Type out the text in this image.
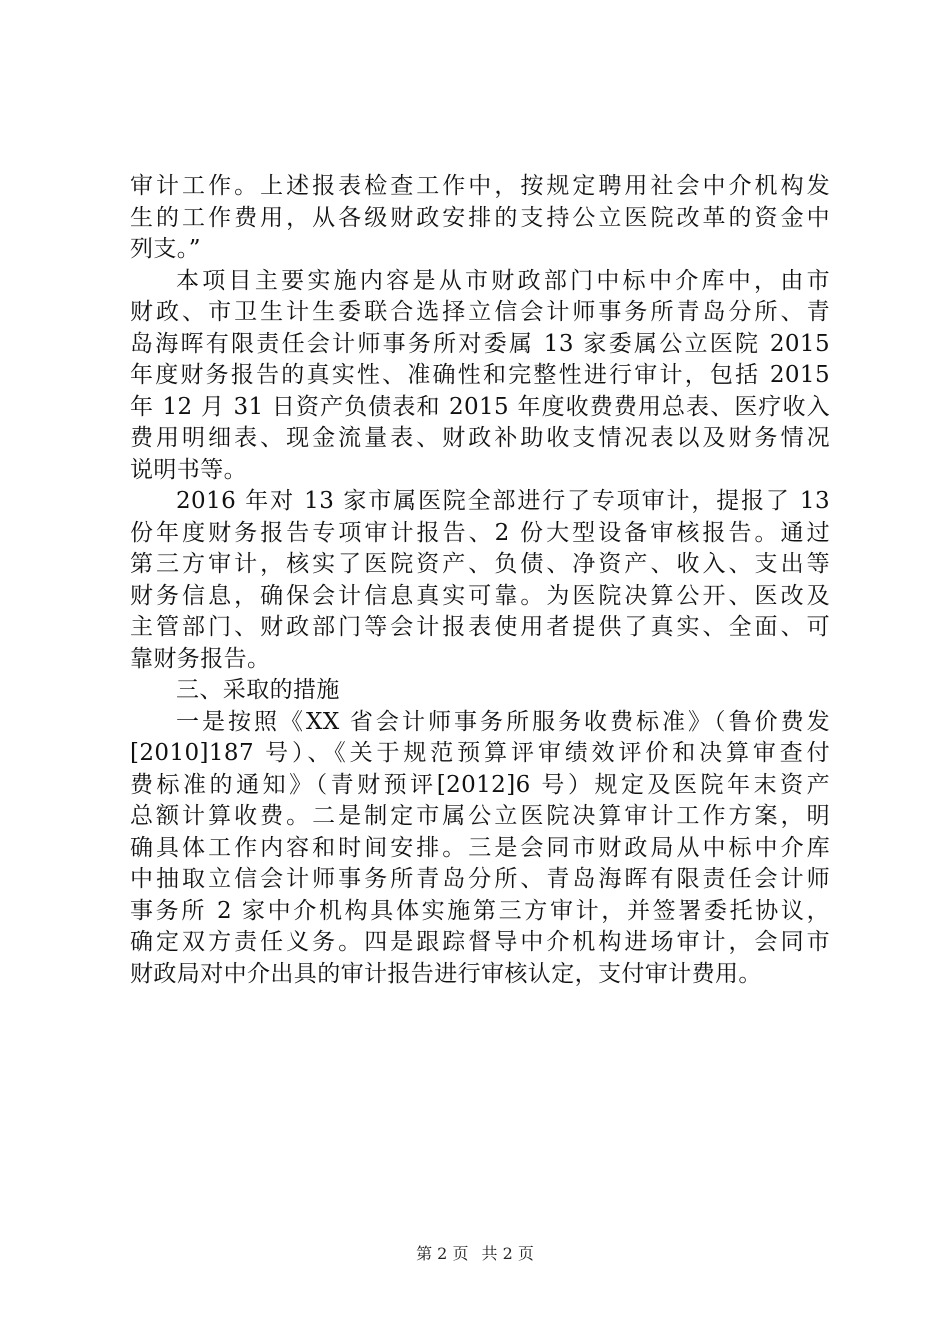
审计工作。上述报表检查工作中，按规定聘用社会中介机构发
生的工作费用，从各级财政安排的支持公立医院改革的资金中
列支。”
本项目主要实施内容是从市财政部门中标中介库中，由市
财政、市卫生计生委联合选择立信会计师事务所青岛分所、青
岛海晖有限责任会计师事务所对委属 13 家委属公立医院 2015
年度财务报告的真实性、准确性和完整性进行审计，包括 2015
年 12 月 31 日资产负债表和 2015 年度收费费用总表、医疗收入
费用明细表、现金流量表、财政补助收支情况表以及财务情况
说明书等。
2016 年对 13 家市属医院全部进行了专项审计，提报了 13
份年度财务报告专项审计报告、2 份大型设备审核报告。通过
第三方审计，核实了医院资产、负债、净资产、收入、支出等
财务信息，确保会计信息真实可靠。为医院决算公开、医改及
主管部门、财政部门等会计报表使用者提供了真实、全面、可
靠财务报告。
三、采取的措施
一是按照《XX 省会计师事务所服务收费标准》（鲁价费发
[2010]187 号）、《关于规范预算评审绩效评价和决算审查付
费标准的通知》（青财预评[2012]6 号）规定及医院年末资产
总额计算收费。二是制定市属公立医院决算审计工作方案，明
确具体工作内容和时间安排。三是会同市财政局从中标中介库
中抽取立信会计师事务所青岛分所、青岛海晖有限责任会计师
事务所 2 家中介机构具体实施第三方审计，并签署委托协议，
确定双方责任义务。四是跟踪督导中介机构进场审计，会同市
财政局对中介出具的审计报告进行审核认定，支付审计费用。
第 2 页 共 2 页
